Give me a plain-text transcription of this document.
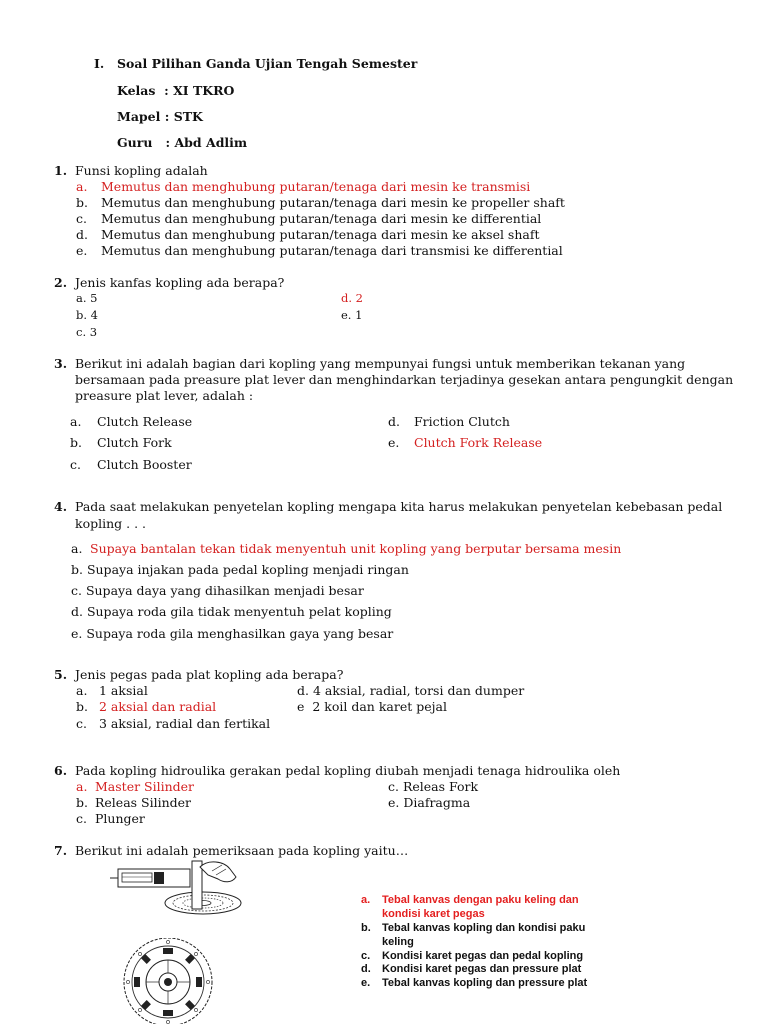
I. Soal Pilihan Ganda Ujian Tengah Semester
Kelas  : XI TKRO
Mapel : STK
Guru   : Abd Adlim
1. Funsi kopling adalah
a. Memutus dan menghubung putaran/tenaga dari mesin ke transmisi
b. Memutus dan menghubung putaran/tenaga dari mesin ke propeller shaft
c. Memutus dan menghubung putaran/tenaga dari mesin ke differential
d. Memutus dan menghubung putaran/tenaga dari mesin ke aksel shaft
e. Memutus dan menghubung putaran/tenaga dari transmisi ke differential
2. Jenis kanfas kopling ada berapa?
a. 5
b. 4
c. 3
d. 2
e. 1
3. Berikut ini adalah bagian dari kopling yang mempunyai fungsi untuk memberikan tekanan yang
bersamaan pada preasure plat lever dan menghindarkan terjadinya gesekan antara pengungkit dengan
preasure plat lever, adalah :
a. Clutch Release
b. Clutch Fork
c. Clutch Booster
d. Friction Clutch
e. Clutch Fork Release
4. Pada saat melakukan penyetelan kopling mengapa kita harus melakukan penyetelan kebebasan pedal
kopling . . .
a. Supaya bantalan tekan tidak menyentuh unit kopling yang berputar bersama mesin
b. Supaya injakan pada pedal kopling menjadi ringan
c. Supaya daya yang dihasilkan menjadi besar
d. Supaya roda gila tidak menyentuh pelat kopling
e. Supaya roda gila menghasilkan gaya yang besar
5. Jenis pegas pada plat kopling ada berapa?
a. 1 aksial
b. 2 aksial dan radial
c. 3 aksial, radial dan fertikal
d. 4 aksial, radial, torsi dan dumper
e  2 koil dan karet pejal
6. Pada kopling hidroulika gerakan pedal kopling diubah menjadi tenaga hidroulika oleh
a. Master Silinder
b. Releas Silinder
c. Plunger
c. Releas Fork
e. Diafragma
7. Berikut ini adalah pemeriksaan pada kopling yaitu…
a. Tebal kanvas dengan paku keling dan
kondisi karet pegas
b. Tebal kanvas kopling dan kondisi paku
keling
c. Kondisi karet pegas dan pedal kopling
d. Kondisi karet pegas dan pressure plat
e. Tebal kanvas kopling dan pressure plat
